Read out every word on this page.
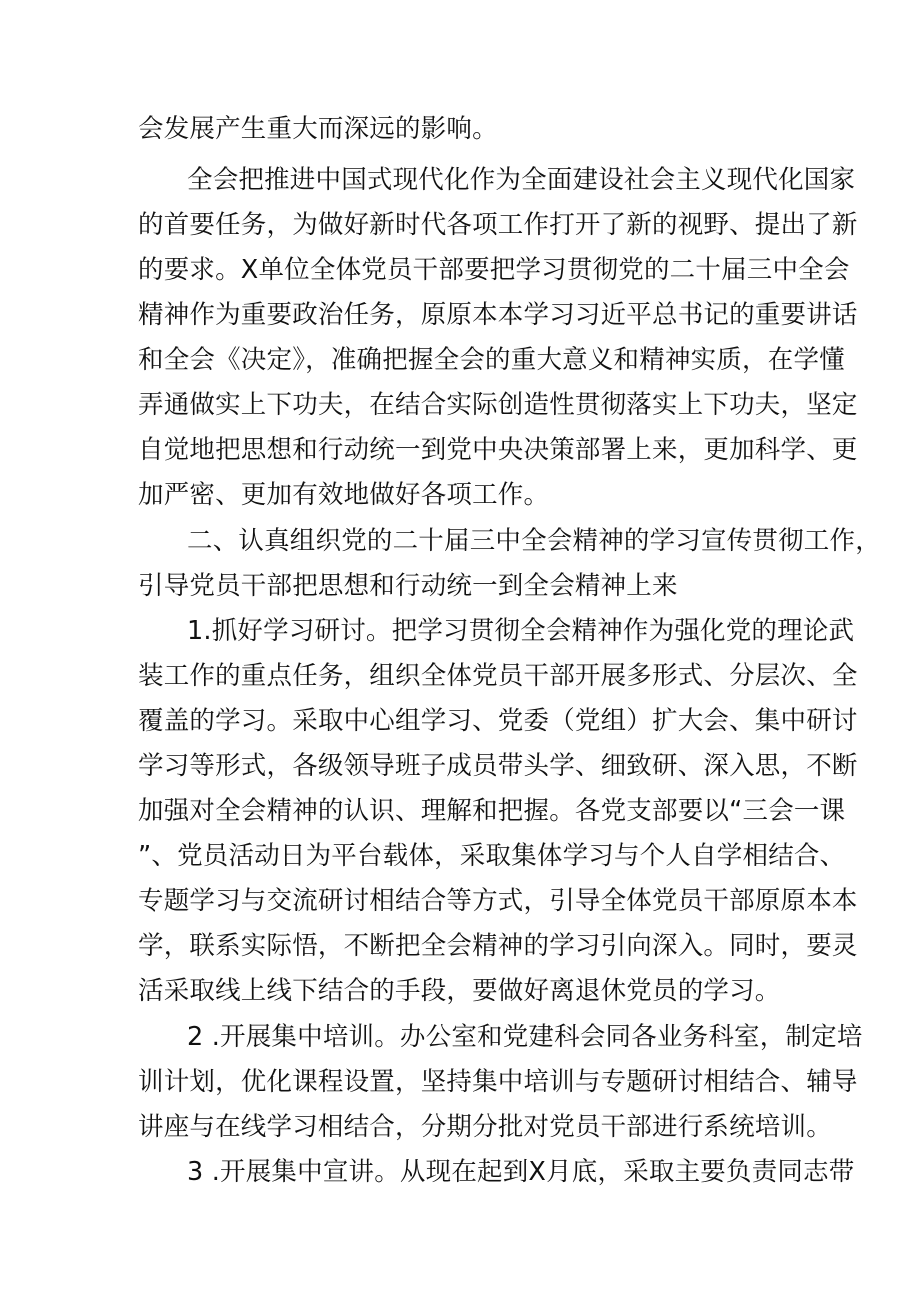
会发展产生重大而深远的影响。
全会把推进中国式现代化作为全面建设社会主义现代化国家
的首要任务，为做好新时代各项工作打开了新的视野、提出了新
的要求。X单位全体党员干部要把学习贯彻党的二十届三中全会
精神作为重要政治任务，原原本本学习习近平总书记的重要讲话
和全会《决定》，准确把握全会的重大意义和精神实质，在学懂
弄通做实上下功夫，在结合实际创造性贯彻落实上下功夫，坚定
自觉地把思想和行动统一到党中央决策部署上来，更加科学、更
加严密、更加有效地做好各项工作。
二、认真组织党的二十届三中全会精神的学习宣传贯彻工作，
引导党员干部把思想和行动统一到全会精神上来
1.抓好学习研讨。把学习贯彻全会精神作为强化党的理论武
装工作的重点任务，组织全体党员干部开展多形式、分层次、全
覆盖的学习。采取中心组学习、党委（党组）扩大会、集中研讨
学习等形式，各级领导班子成员带头学、细致研、深入思，不断
加强对全会精神的认识、理解和把握。各党支部要以“三会一课
”、党员活动日为平台载体，采取集体学习与个人自学相结合、
专题学习与交流研讨相结合等方式，引导全体党员干部原原本本
学，联系实际悟，不断把全会精神的学习引向深入。同时，要灵
活采取线上线下结合的手段，要做好离退休党员的学习。
2 .开展集中培训。办公室和党建科会同各业务科室，制定培
训计划，优化课程设置，坚持集中培训与专题研讨相结合、辅导
讲座与在线学习相结合，分期分批对党员干部进行系统培训。
3 .开展集中宣讲。从现在起到X月底，采取主要负责同志带
